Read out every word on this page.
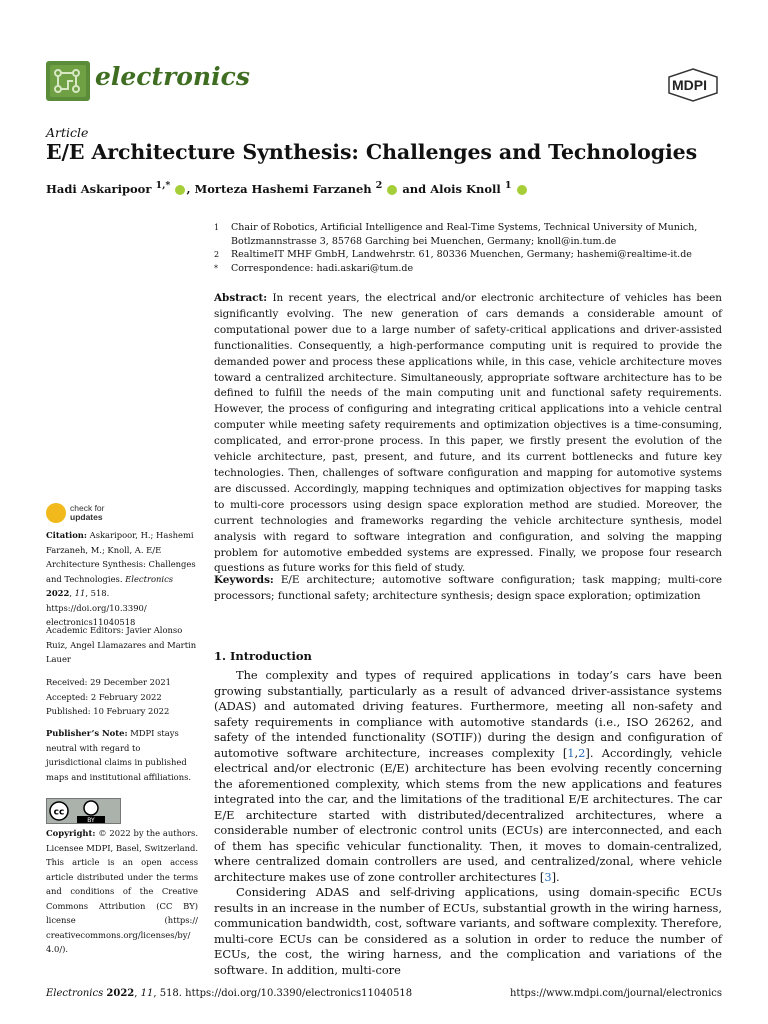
electronics	MDPI
Article
E/E Architecture Synthesis: Challenges and Technologies
Hadi Askaripoor $^{1,*}$ , Morteza Hashemi Farzaneh $^2$  and Alois Knoll $^1$
1 Chair of Robotics, Artificial Intelligence and Real-Time Systems, Technical University of Munich,
Botlzmannstrasse 3, 85768 Garching bei Muenchen, Germany; knoll@in.tum.de
2 RealtimeIT MHF GmbH, Landwehrstr. 61, 80336 Muenchen, Germany; hashemi@realtime-it.de
* Correspondence: hadi.askari@tum.de
Abstract: In recent years, the electrical and/or electronic architecture of vehicles has been significantly evolving. The new generation of cars demands a considerable amount of computational power due to a large number of safety-critical applications and driver-assisted functionalities. Consequently, a high-performance computing unit is required to provide the demanded power and process these applications while, in this case, vehicle architecture moves toward a centralized architecture. Simultaneously, appropriate software architecture has to be defined to fulfill the needs of the main computing unit and functional safety requirements. However, the process of configuring and integrating critical applications into a vehicle central computer while meeting safety requirements and optimization objectives is a time-consuming, complicated, and error-prone process. In this paper, we firstly present the evolution of the vehicle architecture, past, present, and future, and its current bottlenecks and future key technologies. Then, challenges of software configuration and mapping for automotive systems are discussed. Accordingly, mapping techniques and optimization objectives for mapping tasks to multi-core processors using design space exploration method are studied. Moreover, the current technologies and frameworks regarding the vehicle architecture synthesis, model analysis with regard to software integration and configuration, and solving the mapping problem for automotive embedded systems are expressed. Finally, we propose four research questions as future works for this field of study.
Keywords: E/E architecture; automotive software configuration; task mapping; multi-core processors; functional safety; architecture synthesis; design space exploration; optimization
1. Introduction

The complexity and types of required applications in today’s cars have been growing substantially, particularly as a result of advanced driver-assistance systems (ADAS) and automated driving features. Furthermore, meeting all non-safety and safety requirements in compliance with automotive standards (i.e., ISO 26262, and safety of the intended functionality (SOTIF)) during the design and configuration of automotive software architecture, increases complexity [1,2]. Accordingly, vehicle electrical and/or electronic (E/E) architecture has been evolving recently concerning the aforementioned complexity, which stems from the new applications and features integrated into the car, and the limitations of the traditional E/E architectures. The car E/E architecture started with distributed/decentralized architectures, where a considerable number of electronic control units (ECUs) are interconnected, and each of them has specific vehicular functionality. Then, it moves to domain-centralized, where centralized domain controllers are used, and centralized/zonal, where vehicle architecture makes use of zone controller architectures [3].

Considering ADAS and self-driving applications, using domain-specific ECUs results in an increase in the number of ECUs, substantial growth in the wiring harness, communication bandwidth, cost, software variants, and software complexity. Therefore, multi-core ECUs can be considered as a solution in order to reduce the number of ECUs, the cost, the wiring harness, and the complication and variations of the software. In addition, multi-core

check for
updates
Citation: Askaripoor, H.; Hashemi Farzaneh, M.; Knoll, A. E/E Architecture Synthesis: Challenges and Technologies. Electronics 2022, 11, 518. https://doi.org/10.3390/ electronics11040518
Academic Editors: Javier Alonso Ruiz, Angel Llamazares and Martin Lauer
Received: 29 December 2021
Accepted: 2 February 2022
Published: 10 February 2022
Publisher’s Note: MDPI stays neutral with regard to jurisdictional claims in published maps and institutional affiliations.
cc
BY
Copyright: © 2022 by the authors. Licensee MDPI, Basel, Switzerland. This article is an open access article distributed under the terms and conditions of the Creative Commons Attribution (CC BY) license (https:// creativecommons.org/licenses/by/ 4.0/).
Electronics 2022, 11, 518. https://doi.org/10.3390/electronics11040518	https://www.mdpi.com/journal/electronics
